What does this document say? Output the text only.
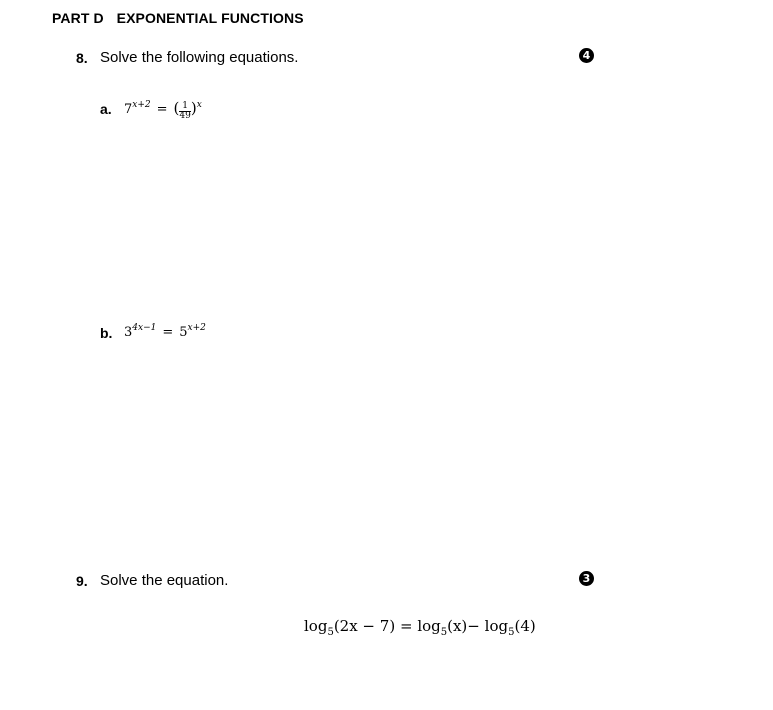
PART D EXPONENTIAL FUNCTIONS
8. Solve the following equations.	4
a. $7^{x+2}$ = ( $\frac{1}{49} )^x$
b. $3^{4x-1} = 5^{x+2}$
9. Solve the equation.	3
$\log_5(2x - 7) = \log_5(x)- \log_5(4)$
